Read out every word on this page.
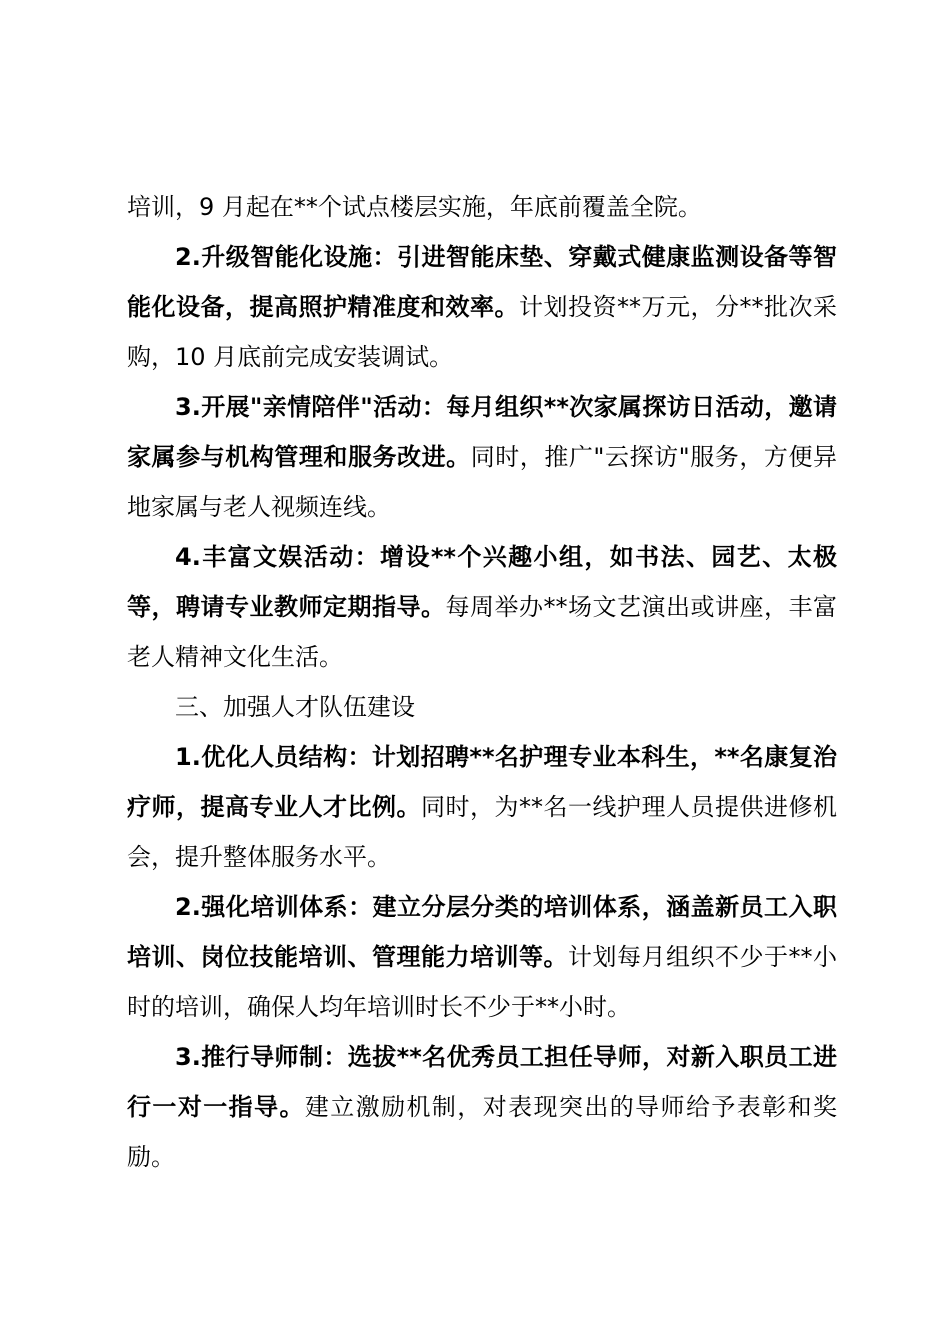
培训，9 月起在**个试点楼层实施，年底前覆盖全院。

2.升级智能化设施：引进智能床垫、穿戴式健康监测设备等智能化设备，提高照护精准度和效率。计划投资**万元，分**批次采购，10 月底前完成安装调试。

3.开展"亲情陪伴"活动：每月组织**次家属探访日活动，邀请家属参与机构管理和服务改进。同时，推广"云探访"服务，方便异地家属与老人视频连线。

4.丰富文娱活动：增设**个兴趣小组，如书法、园艺、太极等，聘请专业教师定期指导。每周举办**场文艺演出或讲座，丰富老人精神文化生活。

三、加强人才队伍建设

1.优化人员结构：计划招聘**名护理专业本科生，**名康复治疗师，提高专业人才比例。同时，为**名一线护理人员提供进修机会，提升整体服务水平。

2.强化培训体系：建立分层分类的培训体系，涵盖新员工入职培训、岗位技能培训、管理能力培训等。计划每月组织不少于**小时的培训，确保人均年培训时长不少于**小时。

3.推行导师制：选拔**名优秀员工担任导师，对新入职员工进行一对一指导。建立激励机制，对表现突出的导师给予表彰和奖励。
